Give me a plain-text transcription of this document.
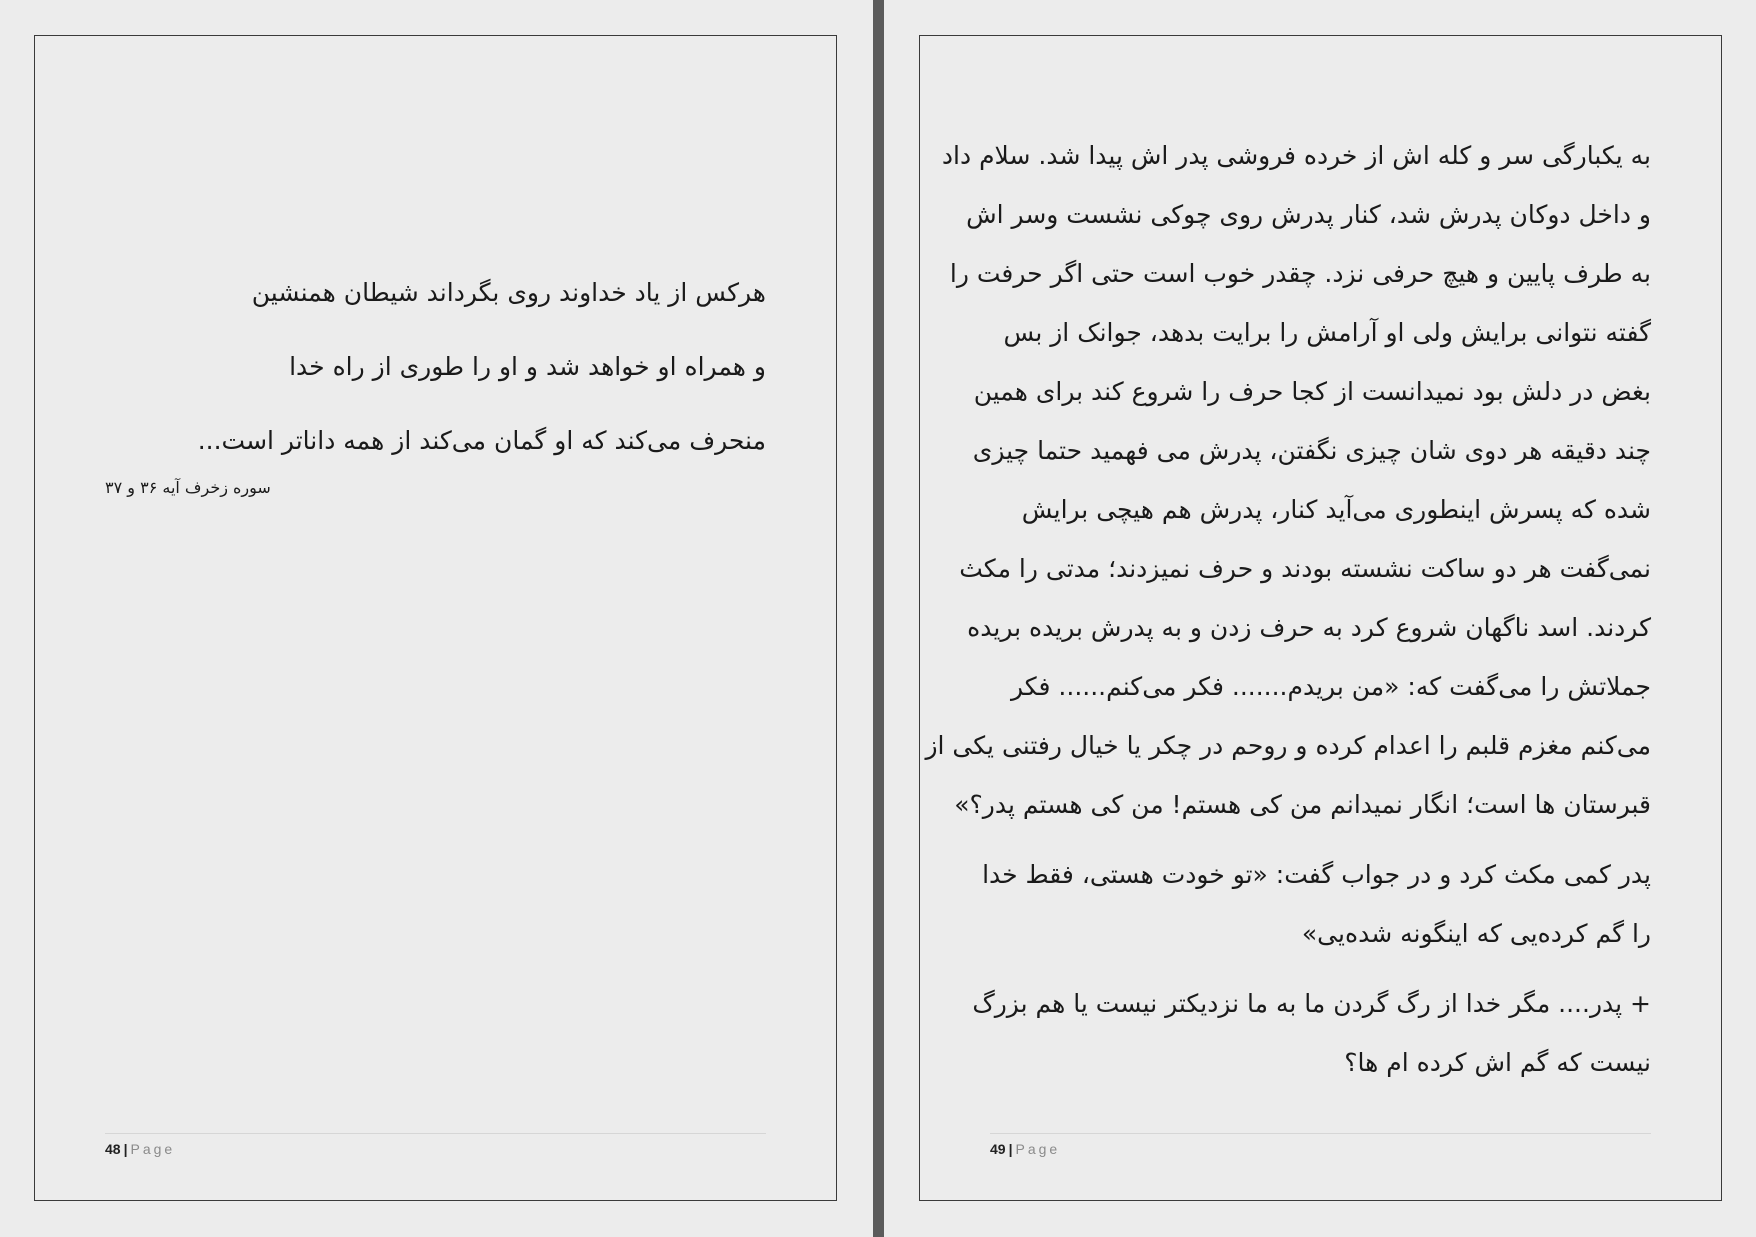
هرکس از یاد خداوند روی بگرداند شیطان همنشین
و همراه او خواهد شد و او را طوری از راه خدا
منحرف می‌کند که او گمان می‌کند از همه داناتر است...
سوره زخرف آیه ۳۶ و ۳۷
48 | Page
به یکبارگی سر و کله اش از خرده فروشی پدر اش پیدا شد. سلام داد
و داخل دوکان پدرش شد، کنار پدرش روی چوکی نشست وسر اش
به طرف پایین و هیچ حرفی نزد. چقدر خوب است حتی اگر حرفت را
گفته نتوانی برایش ولی او آرامش را برایت بدهد، جوانک از بس
بغض در دلش بود نمیدانست از کجا حرف را شروع کند برای همین
چند دقیقه هر دوی شان چیزی نگفتن، پدرش می فهمید حتما چیزی
شده که پسرش اینطوری می‌آید کنار، پدرش هم هیچی برایش
نمی‌گفت هر دو ساکت نشسته بودند و حرف نمیزدند؛ مدتی را مکث
کردند. اسد ناگهان شروع کرد به حرف زدن و به پدرش بریده بریده
جملاتش را می‌گفت که: «من بریدم....... فکر می‌کنم...... فکر
می‌کنم مغزم قلبم را اعدام کرده و روحم در چکر یا خیال رفتنی یکی از
قبرستان ها است؛ انگار نمیدانم من کی هستم! من کی هستم پدر؟»
پدر کمی مکث کرد و در جواب گفت: «تو خودت هستی، فقط خدا
را گم کرده‌یی که اینگونه شده‌یی»
+ پدر.... مگر خدا از رگ گردن ما به ما نزدیکتر نیست یا هم بزرگ
نیست که گم اش کرده ام ها؟
49 | Page
